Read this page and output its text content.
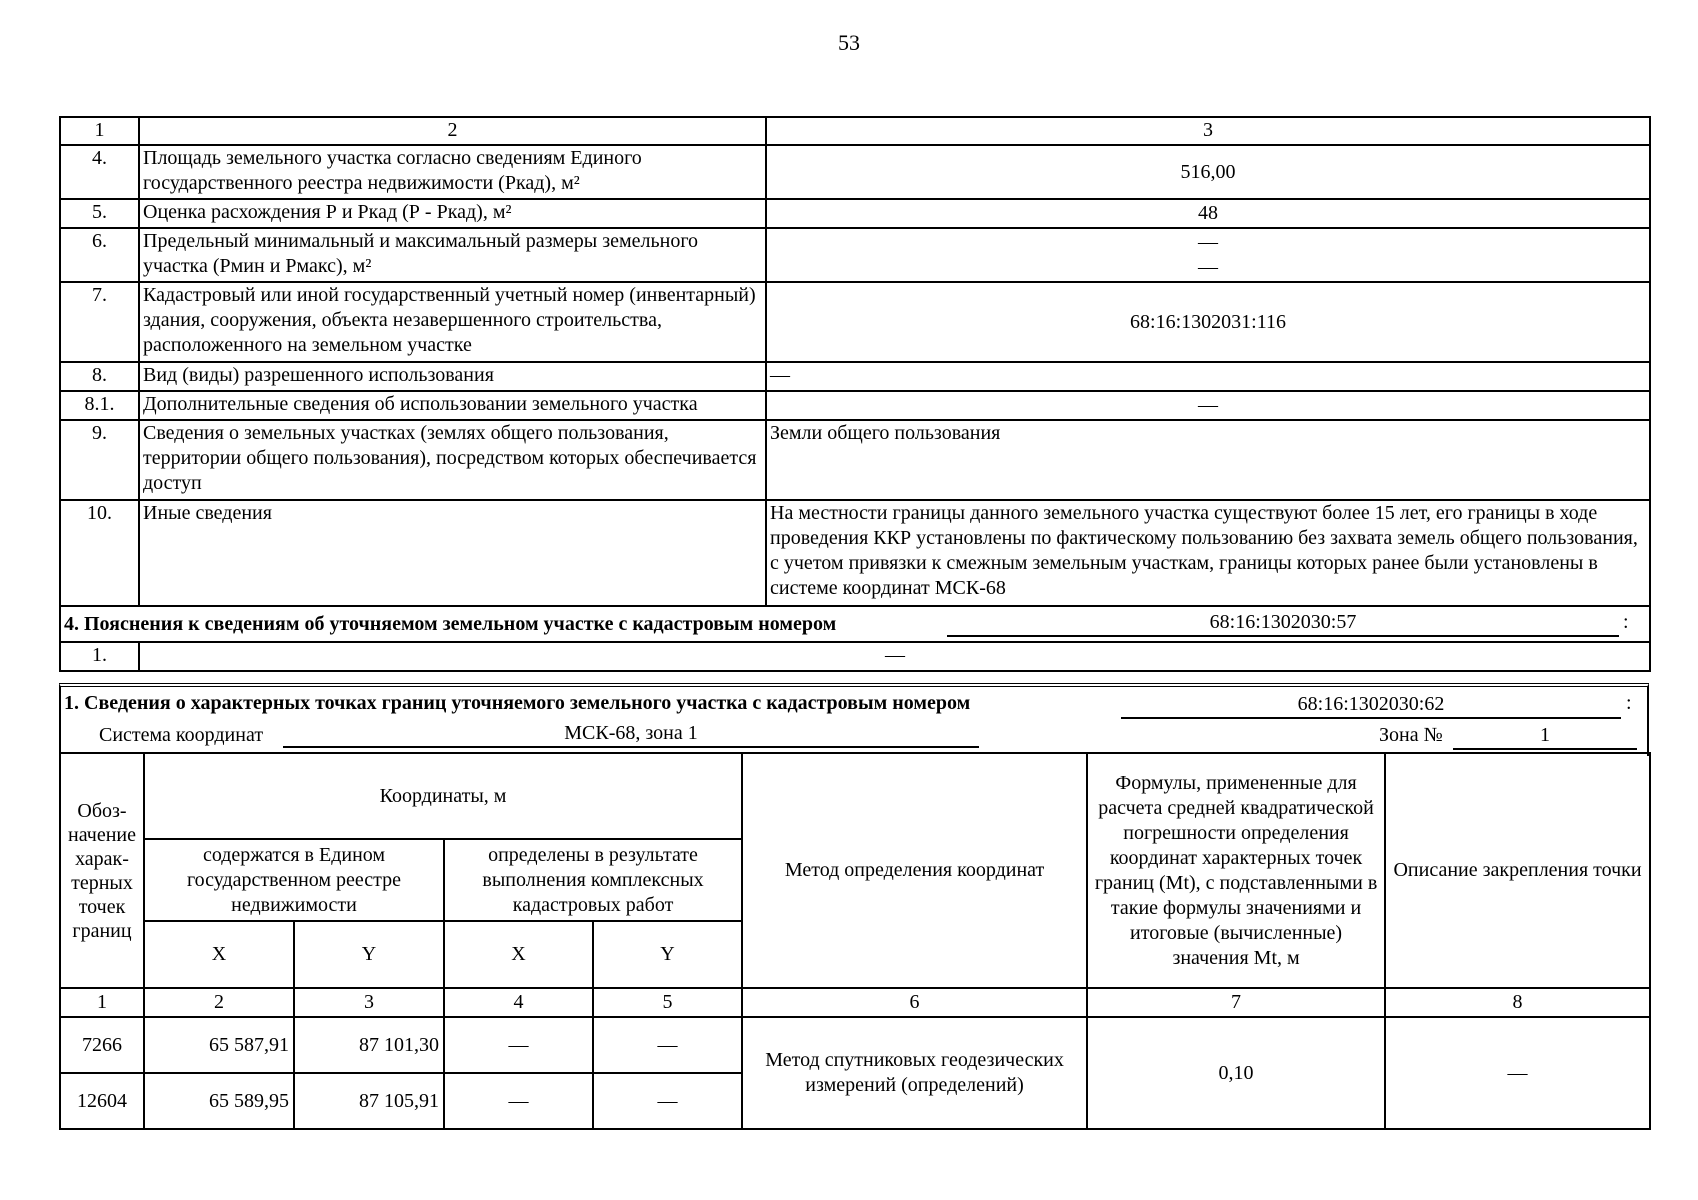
53
1	2	3
4.	Площадь земельного участка согласно сведениям Единого государственного реестра недвижимости (Ркад), м²	516,00
5.	Оценка расхождения Р и Ркад (Р - Ркад), м²	48
6.	Предельный минимальный и максимальный размеры земельного участка (Рмин и Рмакс), м²	—
—

7.	Кадастровый или иной государственный учетный номер (инвентарный) здания, сооружения, объекта незавершенного строительства, расположенного на земельном участке	68:16:1302031:116
8.	Вид (виды) разрешенного использования	—
8.1.	Дополнительные сведения об использовании земельного участка	—
9.	Сведения о земельных участках (землях общего пользования, территории общего пользования), посредством которых обеспечивается доступ	Земли общего пользования
10.	Иные сведения	На местности границы данного земельного участка существуют более 15 лет, его границы в ходе проведения ККР установлены по фактическому пользованию без захвата земель общего пользования, с учетом привязки к смежным земельным участкам, границы которых ранее были установлены в системе координат МСК-68
4. Пояснения к сведениям об уточняемом земельном участке с кадастровым номером 68:16:1302030:57 :		

1.	—	
1. Сведения о характерных точках границ уточняемого земельного участка с кадастровым номером	68:16:1302030:62	:
Система координат	МСК-68, зона 1	Зона №	1
Обоз-начение харак-терных точек границ	Координаты, м				Метод определения координат	Формулы, примененные для расчета средней квадратической погрешности определения координат характерных точек границ (Mt), с подставленными в такие формулы значениями и итоговые (вычисленные) значения Mt, м	Описание закрепления точки
	содержатся в Едином государственном реестре недвижимости		определены в результате выполнения комплексных кадастровых работ				
	X	Y	X	Y			
1	2	3	4	5	6	7	8
7266	65 587,91	87 101,30	—	—	Метод спутниковых геодезических измерений (определений)	0,10	—
12604	65 589,95	87 105,91	—	—			
